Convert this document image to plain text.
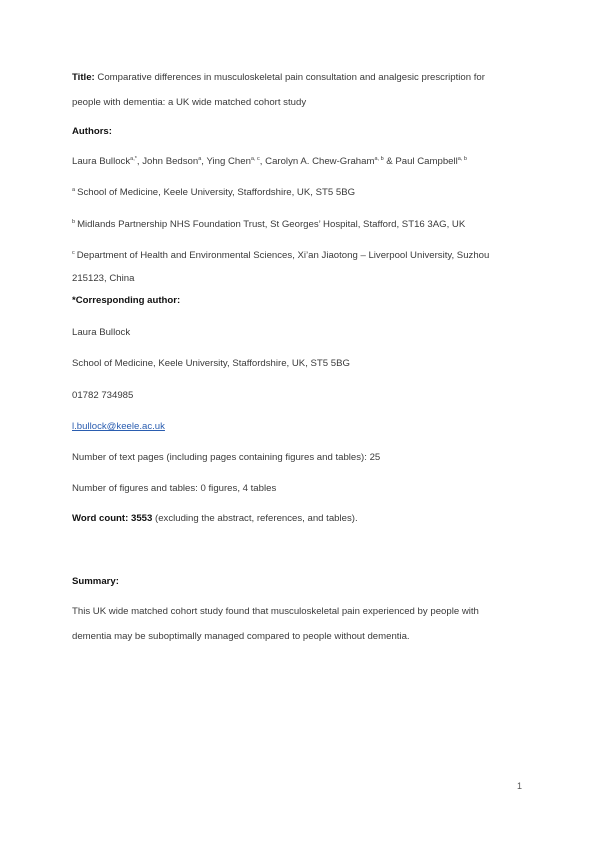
Title: Comparative differences in musculoskeletal pain consultation and analgesic prescription for
people with dementia: a UK wide matched cohort study
Authors:
Laura Bullock$^{a,*}$, John Bedson$^a$, Ying Chen$^{a, c}$, Carolyn A. Chew-Graham$^{a, b}$ & Paul Campbell$^{a, b}$
$^a$ School of Medicine, Keele University, Staffordshire, UK, ST5 5BG
$^b$ Midlands Partnership NHS Foundation Trust, St Georges’ Hospital, Stafford, ST16 3AG, UK
$^c$ Department of Health and Environmental Sciences, Xi’an Jiaotong – Liverpool University, Suzhou
215123, China
*Corresponding author:
Laura Bullock
School of Medicine, Keele University, Staffordshire, UK, ST5 5BG
01782 734985
l.bullock@keele.ac.uk
Number of text pages (including pages containing figures and tables): 25
Number of figures and tables: 0 figures, 4 tables
Word count: 3553 (excluding the abstract, references, and tables).
Summary:
This UK wide matched cohort study found that musculoskeletal pain experienced by people with
dementia may be suboptimally managed compared to people without dementia.
1
